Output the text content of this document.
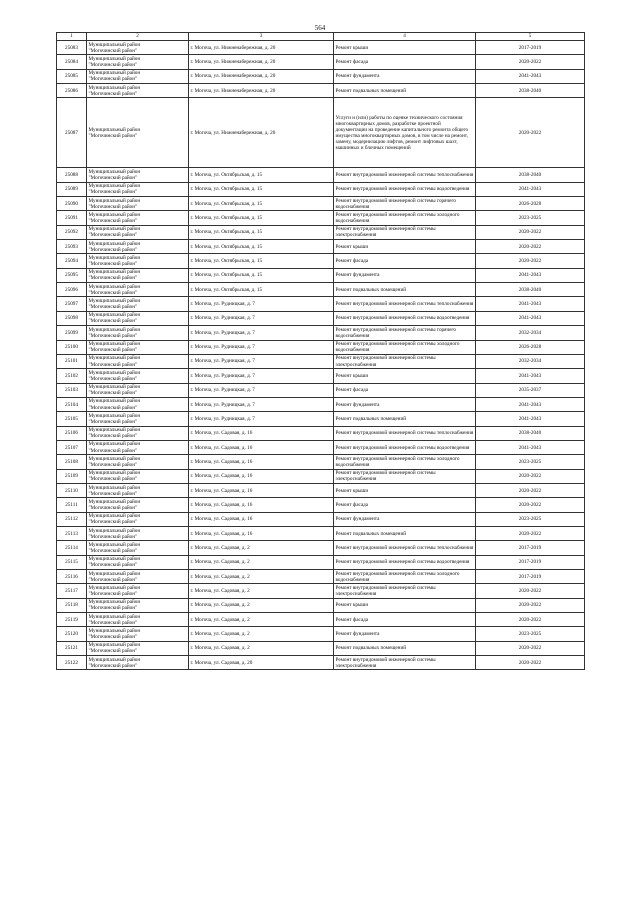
564
1	2	3	4	5
25083	Муниципальный район
"Могочинский район"	г. Могоча, ул. Нижненабережная, д. 20	Ремонт крыши	2017-2019
25084	Муниципальный район
"Могочинский район"	г. Могоча, ул. Нижненабережная, д. 20	Ремонт фасада	2020-2022
25085	Муниципальный район
"Могочинский район"	г. Могоча, ул. Нижненабережная, д. 20	Ремонт фундамента	2041-2043
25086	Муниципальный район
"Могочинский район"	г. Могоча, ул. Нижненабережная, д. 20	Ремонт подвальных помещений	2038-2040
25087	Муниципальный район
"Могочинский район"	г. Могоча, ул. Нижненабережная, д. 20	Услуги и (или) работы по оценке технического состояния многоквартирных домов, разработке проектной документации на проведение капитального ремонта общего имущества многоквартирных домов, в том числе на ремонт, замену, модернизацию лифтов, ремонт лифтовых шахт, машинных и блочных помещений	2020-2022
25088	Муниципальный район
"Могочинский район"	г. Могоча, ул. Октябрьская, д. 15	Ремонт внутридомовой инженерной системы теплоснабжения	2038-2040
25089	Муниципальный район
"Могочинский район"	г. Могоча, ул. Октябрьская, д. 15	Ремонт внутридомовой инженерной системы водоотведения	2041-2043
25090	Муниципальный район
"Могочинский район"	г. Могоча, ул. Октябрьская, д. 15	Ремонт внутридомовой инженерной системы горячего водоснабжения	2026-2028
25091	Муниципальный район
"Могочинский район"	г. Могоча, ул. Октябрьская, д. 15	Ремонт внутридомовой инженерной системы холодного водоснабжения	2023-2025
25092	Муниципальный район
"Могочинский район"	г. Могоча, ул. Октябрьская, д. 15	Ремонт внутридомовой инженерной системы электроснабжения	2020-2022
25093	Муниципальный район
"Могочинский район"	г. Могоча, ул. Октябрьская, д. 15	Ремонт крыши	2020-2022
25094	Муниципальный район
"Могочинский район"	г. Могоча, ул. Октябрьская, д. 15	Ремонт фасада	2020-2022
25095	Муниципальный район
"Могочинский район"	г. Могоча, ул. Октябрьская, д. 15	Ремонт фундамента	2041-2043
25096	Муниципальный район
"Могочинский район"	г. Могоча, ул. Октябрьская, д. 15	Ремонт подвальных помещений	2038-2040
25097	Муниципальный район
"Могочинский район"	г. Могоча, ул. Рудницкая, д. 7	Ремонт внутридомовой инженерной системы теплоснабжения	2041-2043
25098	Муниципальный район
"Могочинский район"	г. Могоча, ул. Рудницкая, д. 7	Ремонт внутридомовой инженерной системы водоотведения	2041-2043
25099	Муниципальный район
"Могочинский район"	г. Могоча, ул. Рудницкая, д. 7	Ремонт внутридомовой инженерной системы горячего водоснабжения	2032-2034
25100	Муниципальный район
"Могочинский район"	г. Могоча, ул. Рудницкая, д. 7	Ремонт внутридомовой инженерной системы холодного водоснабжения	2026-2028
25101	Муниципальный район
"Могочинский район"	г. Могоча, ул. Рудницкая, д. 7	Ремонт внутридомовой инженерной системы электроснабжения	2032-2034
25102	Муниципальный район
"Могочинский район"	г. Могоча, ул. Рудницкая, д. 7	Ремонт крыши	2041-2043
25103	Муниципальный район
"Могочинский район"	г. Могоча, ул. Рудницкая, д. 7	Ремонт фасада	2035-2037
25104	Муниципальный район
"Могочинский район"	г. Могоча, ул. Рудницкая, д. 7	Ремонт фундамента	2041-2043
25105	Муниципальный район
"Могочинский район"	г. Могоча, ул. Рудницкая, д. 7	Ремонт подвальных помещений	2041-2043
25106	Муниципальный район
"Могочинский район"	г. Могоча, ул. Садовая, д. 16	Ремонт внутридомовой инженерной системы теплоснабжения	2038-2040
25107	Муниципальный район
"Могочинский район"	г. Могоча, ул. Садовая, д. 16	Ремонт внутридомовой инженерной системы водоотведения	2041-2043
25108	Муниципальный район
"Могочинский район"	г. Могоча, ул. Садовая, д. 16	Ремонт внутридомовой инженерной системы холодного водоснабжения	2023-2025
25109	Муниципальный район
"Могочинский район"	г. Могоча, ул. Садовая, д. 16	Ремонт внутридомовой инженерной системы электроснабжения	2020-2022
25110	Муниципальный район
"Могочинский район"	г. Могоча, ул. Садовая, д. 16	Ремонт крыши	2020-2022
25111	Муниципальный район
"Могочинский район"	г. Могоча, ул. Садовая, д. 16	Ремонт фасада	2020-2022
25112	Муниципальный район
"Могочинский район"	г. Могоча, ул. Садовая, д. 16	Ремонт фундамента	2023-2025
25113	Муниципальный район
"Могочинский район"	г. Могоча, ул. Садовая, д. 16	Ремонт подвальных помещений	2020-2022
25114	Муниципальный район
"Могочинский район"	г. Могоча, ул. Садовая, д. 2	Ремонт внутридомовой инженерной системы теплоснабжения	2017-2019
25115	Муниципальный район
"Могочинский район"	г. Могоча, ул. Садовая, д. 2	Ремонт внутридомовой инженерной системы водоотведения	2017-2019
25116	Муниципальный район
"Могочинский район"	г. Могоча, ул. Садовая, д. 2	Ремонт внутридомовой инженерной системы холодного водоснабжения	2017-2019
25117	Муниципальный район
"Могочинский район"	г. Могоча, ул. Садовая, д. 2	Ремонт внутридомовой инженерной системы электроснабжения	2020-2022
25118	Муниципальный район
"Могочинский район"	г. Могоча, ул. Садовая, д. 2	Ремонт крыши	2020-2022
25119	Муниципальный район
"Могочинский район"	г. Могоча, ул. Садовая, д. 2	Ремонт фасада	2020-2022
25120	Муниципальный район
"Могочинский район"	г. Могоча, ул. Садовая, д. 2	Ремонт фундамента	2023-2025
25121	Муниципальный район
"Могочинский район"	г. Могоча, ул. Садовая, д. 2	Ремонт подвальных помещений	2020-2022
25122	Муниципальный район
"Могочинский район"	г. Могоча, ул. Садовая, д. 20	Ремонт внутридомовой инженерной системы электроснабжения	2020-2022
